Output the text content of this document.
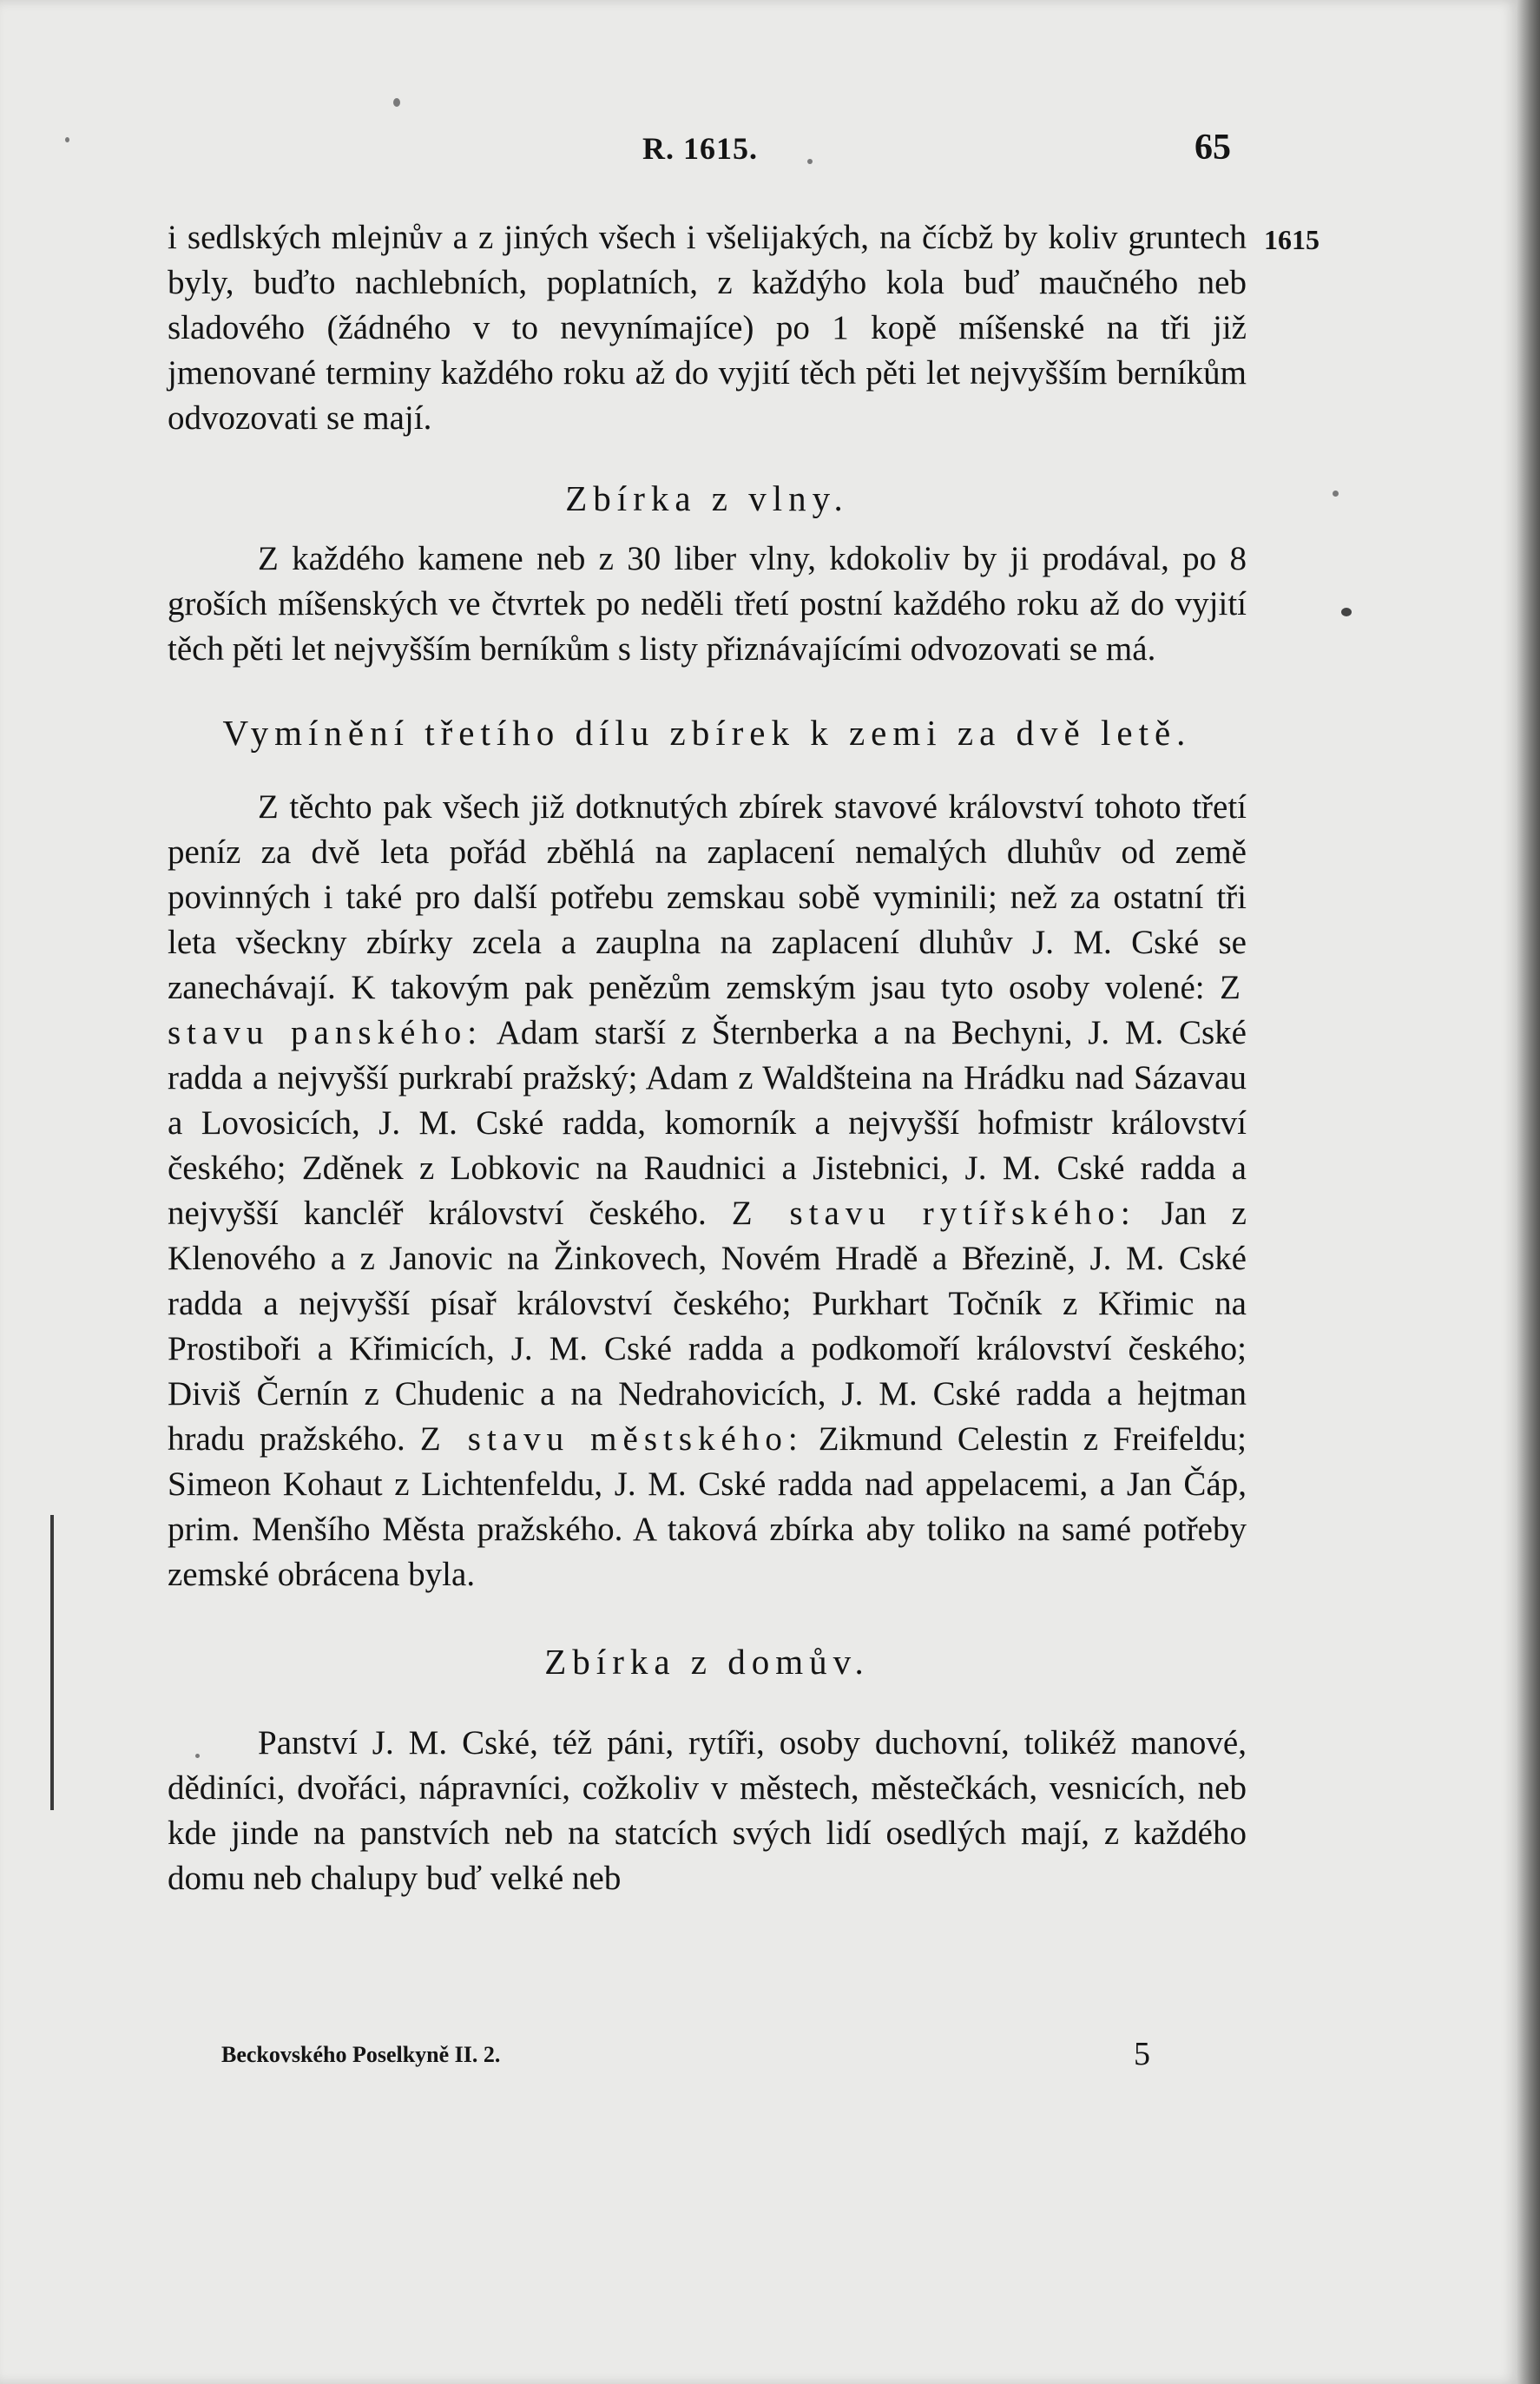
R. 1615.	65
1615

i sedlských mlejnův a z jiných všech i všelijakých, na čícbž by koliv gruntech byly, buďto nachlebních, poplatních, z každýho kola buď maučného neb sladového (žádného v to nevynímajíce) po 1 kopě míšenské na tři již jmenované terminy každého roku až do vyjití těch pěti let nejvyšším berníkům odvozovati se mají.

Zbírka z vlny.

Z každého kamene neb z 30 liber vlny, kdokoliv by ji prodával, po 8 groších míšenských ve čtvrtek po neděli třetí postní každého roku až do vyjití těch pěti let nejvyšším berníkům s listy přiznávajícími odvozovati se má.

Vymínění třetího dílu zbírek k zemi za dvě letě.

Z těchto pak všech již dotknutých zbírek stavové království tohoto třetí peníz za dvě leta pořád zběhlá na zaplacení nemalých dluhův od země povinných i také pro další potřebu zemskau sobě vyminili; než za ostatní tři leta všeckny zbírky zcela a zauplna na zaplacení dluhův J. M. Cské se zanechávají. K takovým pak penězům zemským jsau tyto osoby volené: Z stavu panského: Adam starší z Šternberka a na Bechyni, J. M. Cské radda a nejvyšší purkrabí pražský; Adam z Waldšteina na Hrádku nad Sázavau a Lovosicích, J. M. Cské radda, komorník a nejvyšší hofmistr království českého; Zděnek z Lobkovic na Raudnici a Jistebnici, J. M. Cské radda a nejvyšší kancléř království českého. Z stavu rytířského: Jan z Klenového a z Janovic na Žinkovech, Novém Hradě a Březině, J. M. Cské radda a nejvyšší písař království českého; Purkhart Točník z Křimic na Prostiboři a Křimicích, J. M. Cské radda a podkomoří království českého; Diviš Černín z Chudenic a na Nedrahovicích, J. M. Cské radda a hejtman hradu pražského. Z stavu městského: Zikmund Celestin z Freifeldu; Simeon Kohaut z Lichtenfeldu, J. M. Cské radda nad appelacemi, a Jan Čáp, prim. Menšího Města pražského. A taková zbírka aby toliko na samé potřeby zemské obrácena byla.

Zbírka z domův.

Panství J. M. Cské, též páni, rytíři, osoby duchovní, tolikéž manové, dědiníci, dvořáci, nápravníci, cožkoliv v městech, městečkách, vesnicích, neb kde jinde na panstvích neb na statcích svých lidí osedlých mají, z každého domu neb chalupy buď velké neb

Beckovského Poselkyně II. 2.	5
